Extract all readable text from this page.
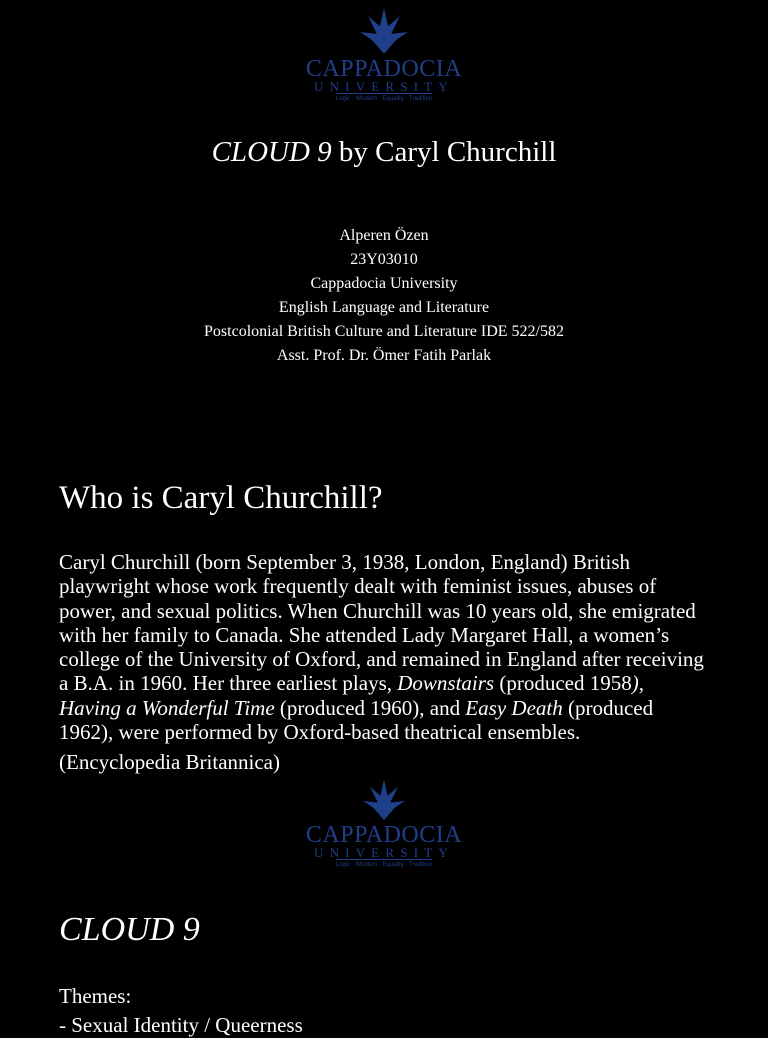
CAPPADOCIA
UNIVERSITY
Logic · Wisdom · Equality · Tradition
CLOUD 9 by Caryl Churchill
Alperen Özen
23Y03010
Cappadocia University
English Language and Literature
Postcolonial British Culture and Literature IDE 522/582
Asst. Prof. Dr. Ömer Fatih Parlak
Who is Caryl Churchill?

Caryl Churchill (born September 3, 1938, London, England) British playwright whose work frequently dealt with feminist issues, abuses of power, and sexual politics. When Churchill was 10 years old, she emigrated with her family to Canada. She attended Lady Margaret Hall, a women’s college of the University of Oxford, and remained in England after receiving a B.A. in 1960. Her three earliest plays, Downstairs (produced 1958), Having a Wonderful Time (produced 1960), and Easy Death (produced 1962), were performed by Oxford-based theatrical ensembles.

(Encyclopedia Britannica)

CAPPADOCIA
UNIVERSITY
Logic · Wisdom · Equality · Tradition
CLOUD 9
Themes:
- Sexual Identity / Queerness
